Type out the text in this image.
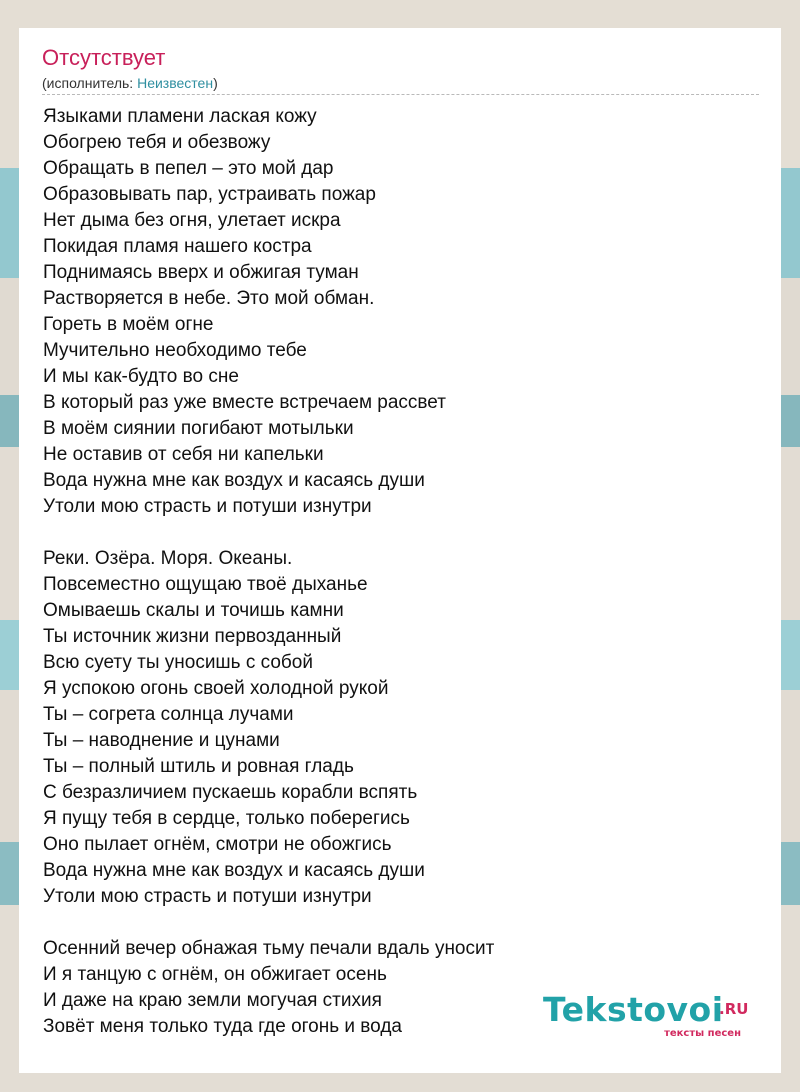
Отсутствует
(исполнитель: Неизвестен)
Языками пламени лаская кожу
Обогрею тебя и обезвожу
Обращать в пепел – это мой дар
Образовывать пар, устраивать пожар
Нет дыма без огня, улетает искра
Покидая пламя нашего костра
Поднимаясь вверх и обжигая туман
Растворяется в небе. Это мой обман.
Гореть в моём огне
Мучительно необходимо тебе
И мы как-будто во сне
В который раз уже вместе встречаем рассвет
В моём сиянии погибают мотыльки
Не оставив от себя ни капельки
Вода нужна мне как воздух и касаясь души
Утоли мою страсть и потуши изнутри
Реки. Озёра. Моря. Океаны.
Повсеместно ощущаю твоё дыханье
Омываешь скалы и точишь камни
Ты источник жизни первозданный
Всю суету ты уносишь с собой
Я успокою огонь своей холодной рукой
Ты – согрета солнца лучами
Ты – наводнение и цунами
Ты – полный штиль и ровная гладь
С безразличием пускаешь корабли вспять
Я пущу тебя в сердце, только поберегись
Оно пылает огнём, смотри не обожгись
Вода нужна мне как воздух и касаясь души
Утоли мою страсть и потуши изнутри
Осенний вечер обнажая тьму печали вдаль уносит
И я танцую с огнём, он обжигает осень
И даже на краю земли могучая стихия
Зовёт меня только туда где огонь и вода	Tekstovoi
.RU
тексты песен
